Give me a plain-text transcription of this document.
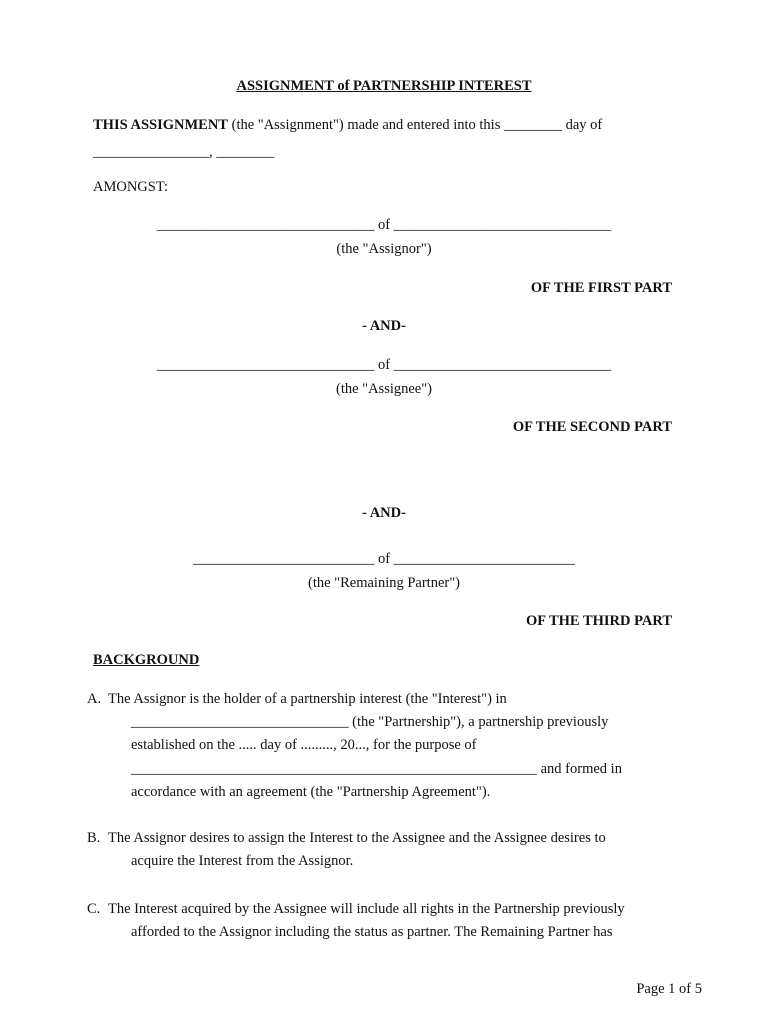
ASSIGNMENT of PARTNERSHIP INTEREST
THIS ASSIGNMENT (the "Assignment") made and entered into this ________ day of
________________, ________
AMONGST:
______________________________ of ______________________________
(the "Assignor")
OF THE FIRST PART
- AND-
______________________________ of ______________________________
(the "Assignee")
OF THE SECOND PART
- AND-
_________________________ of _________________________
(the "Remaining Partner")
OF THE THIRD PART
BACKGROUND
A. The Assignor is the holder of a partnership interest (the "Interest") in
______________________________ (the "Partnership"), a partnership previously
established on the ..... day of ........., 20..., for the purpose of
________________________________________________________ and formed in
accordance with an agreement (the "Partnership Agreement").
B. The Assignor desires to assign the Interest to the Assignee and the Assignee desires to
acquire the Interest from the Assignor.
C. The Interest acquired by the Assignee will include all rights in the Partnership previously
afforded to the Assignor including the status as partner. The Remaining Partner has
Page 1 of 5
